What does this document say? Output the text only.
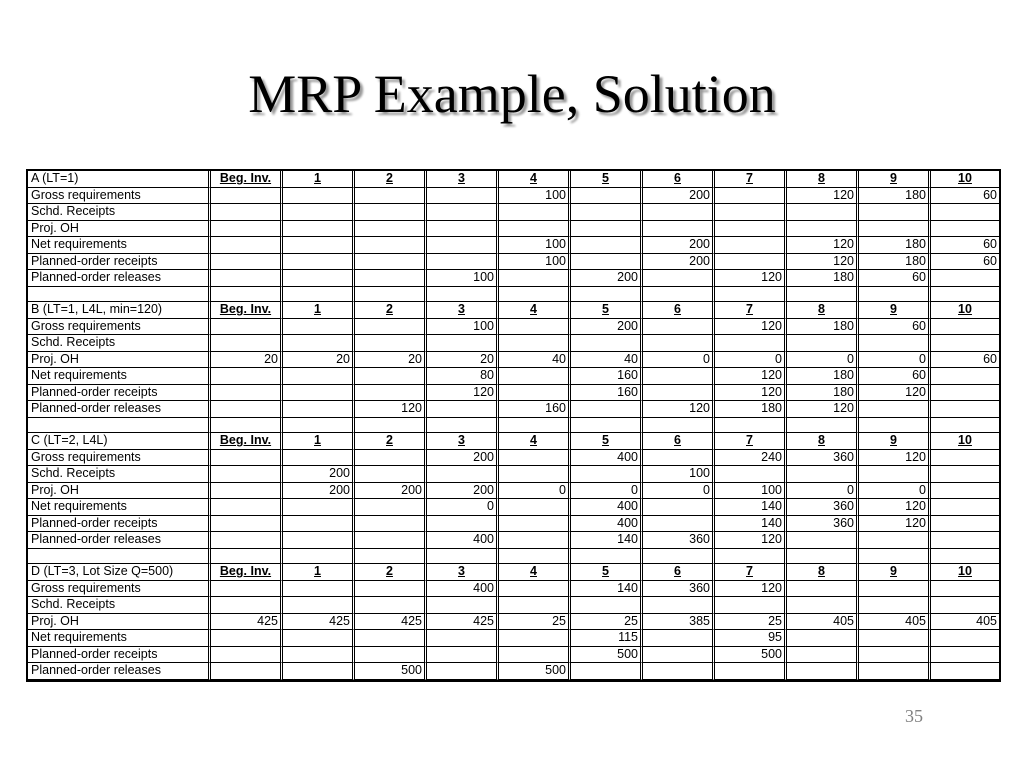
MRP Example, Solution
A (LT=1)	Beg. Inv.	1	2	3	4	5	6	7	8	9	10
Gross requirements					100		200		120	180	60
Schd. Receipts											
Proj. OH											
Net requirements					100		200		120	180	60
Planned-order receipts					100		200		120	180	60
Planned-order releases				100		200		120	180	60	

B (LT=1, L4L, min=120)	Beg. Inv.	1	2	3	4	5	6	7	8	9	10
Gross requirements				100		200		120	180	60	
Schd. Receipts											
Proj. OH	20	20	20	20	40	40	0	0	0	0	60
Net requirements				80		160		120	180	60	
Planned-order receipts				120		160		120	180	120	
Planned-order releases			120		160		120	180	120		

C (LT=2, L4L)	Beg. Inv.	1	2	3	4	5	6	7	8	9	10
Gross requirements				200		400		240	360	120	
Schd. Receipts		200					100				
Proj. OH		200	200	200	0	0	0	100	0	0	
Net requirements				0		400		140	360	120	
Planned-order receipts						400		140	360	120	
Planned-order releases				400		140	360	120			

D (LT=3, Lot Size Q=500)	Beg. Inv.	1	2	3	4	5	6	7	8	9	10
Gross requirements				400		140	360	120			
Schd. Receipts											
Proj. OH	425	425	425	425	25	25	385	25	405	405	405
Net requirements						115		95			
Planned-order receipts						500		500			
Planned-order releases			500		500						
35
